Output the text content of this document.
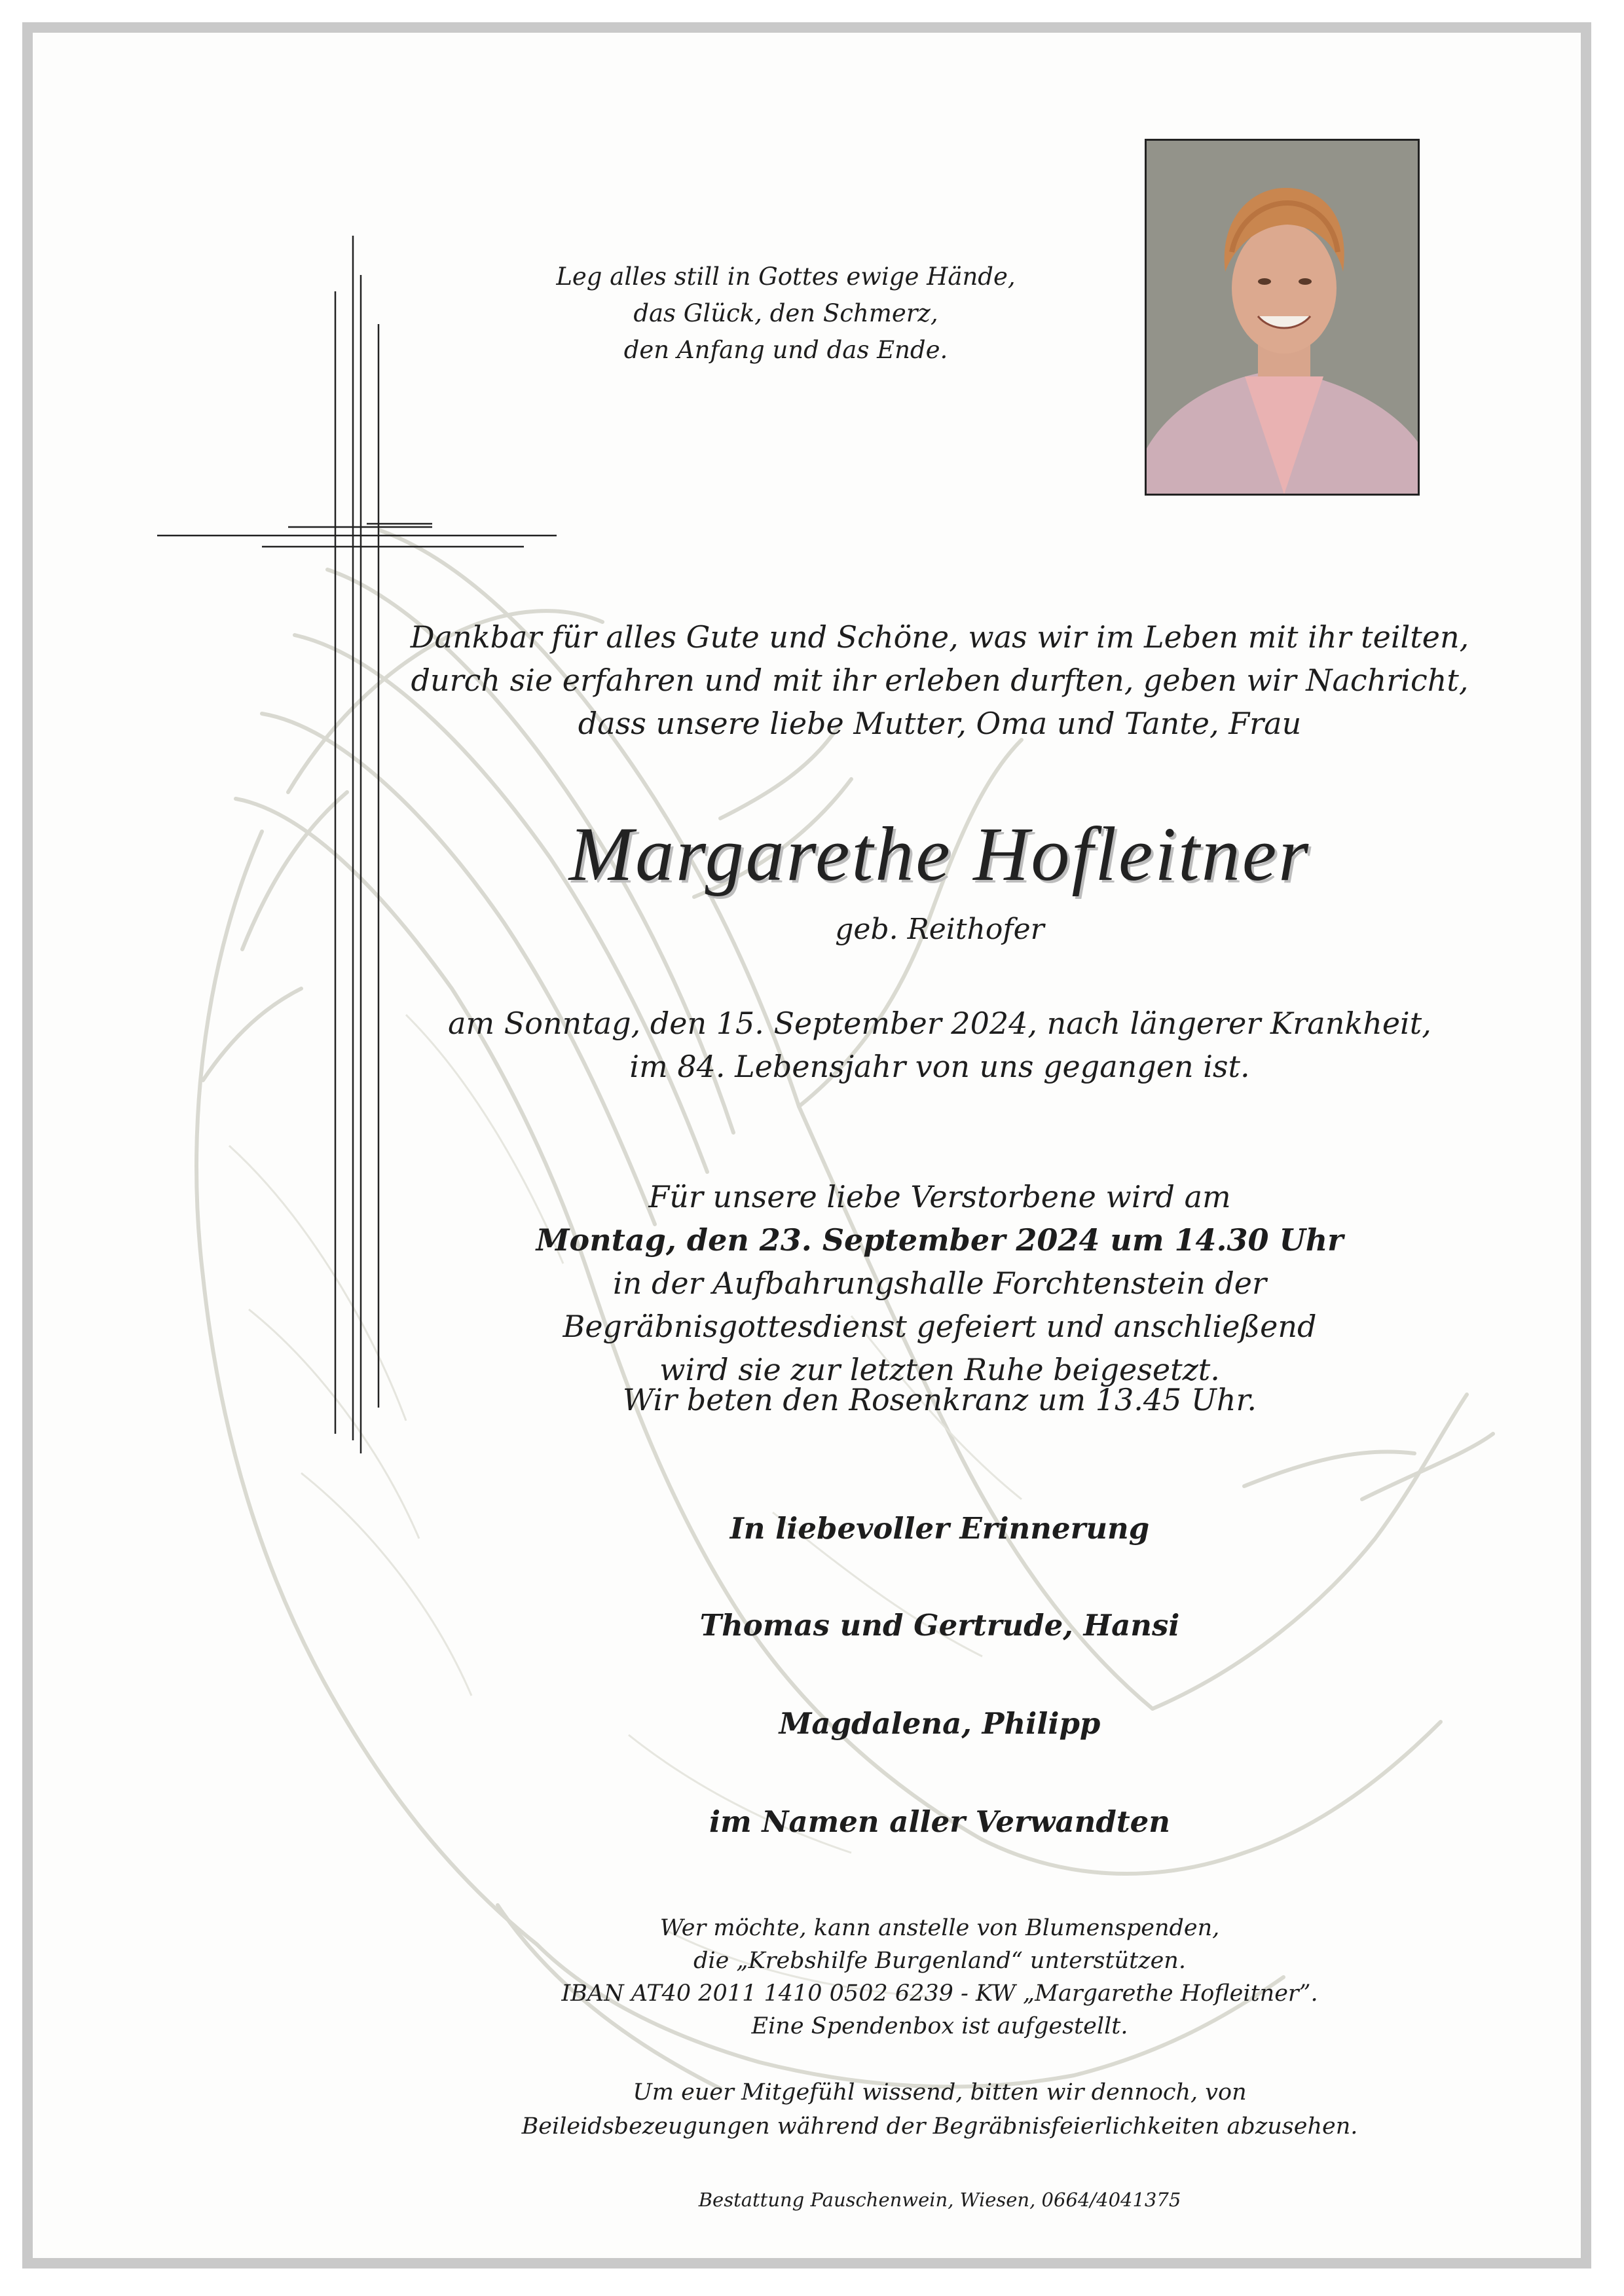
Leg alles still in Gottes ewige Hände,
das Glück, den Schmerz,
den Anfang und das Ende.
Dankbar für alles Gute und Schöne, was wir im Leben mit ihr teilten,
durch sie erfahren und mit ihr erleben durften, geben wir Nachricht,
dass unsere liebe Mutter, Oma und Tante, Frau
Margarethe Hofleitner
geb. Reithofer
am Sonntag, den 15. September 2024, nach längerer Krankheit,
im 84. Lebensjahr von uns gegangen ist.
Für unsere liebe Verstorbene wird am
Montag, den 23. September 2024 um 14.30 Uhr
in der Aufbahrungshalle Forchtenstein der
Begräbnisgottesdienst gefeiert und anschließend
wird sie zur letzten Ruhe beigesetzt.
Wir beten den Rosenkranz um 13.45 Uhr.
In liebevoller Erinnerung
Thomas und Gertrude, Hansi
Magdalena, Philipp
im Namen aller Verwandten
Wer möchte, kann anstelle von Blumenspenden,
die „Krebshilfe Burgenland“ unterstützen.
IBAN AT40 2011 1410 0502 6239 - KW „Margarethe Hofleitner”.
Eine Spendenbox ist aufgestellt.
Um euer Mitgefühl wissend, bitten wir dennoch, von
Beileidsbezeugungen während der Begräbnisfeierlichkeiten abzusehen.
Bestattung Pauschenwein, Wiesen, 0664/4041375
